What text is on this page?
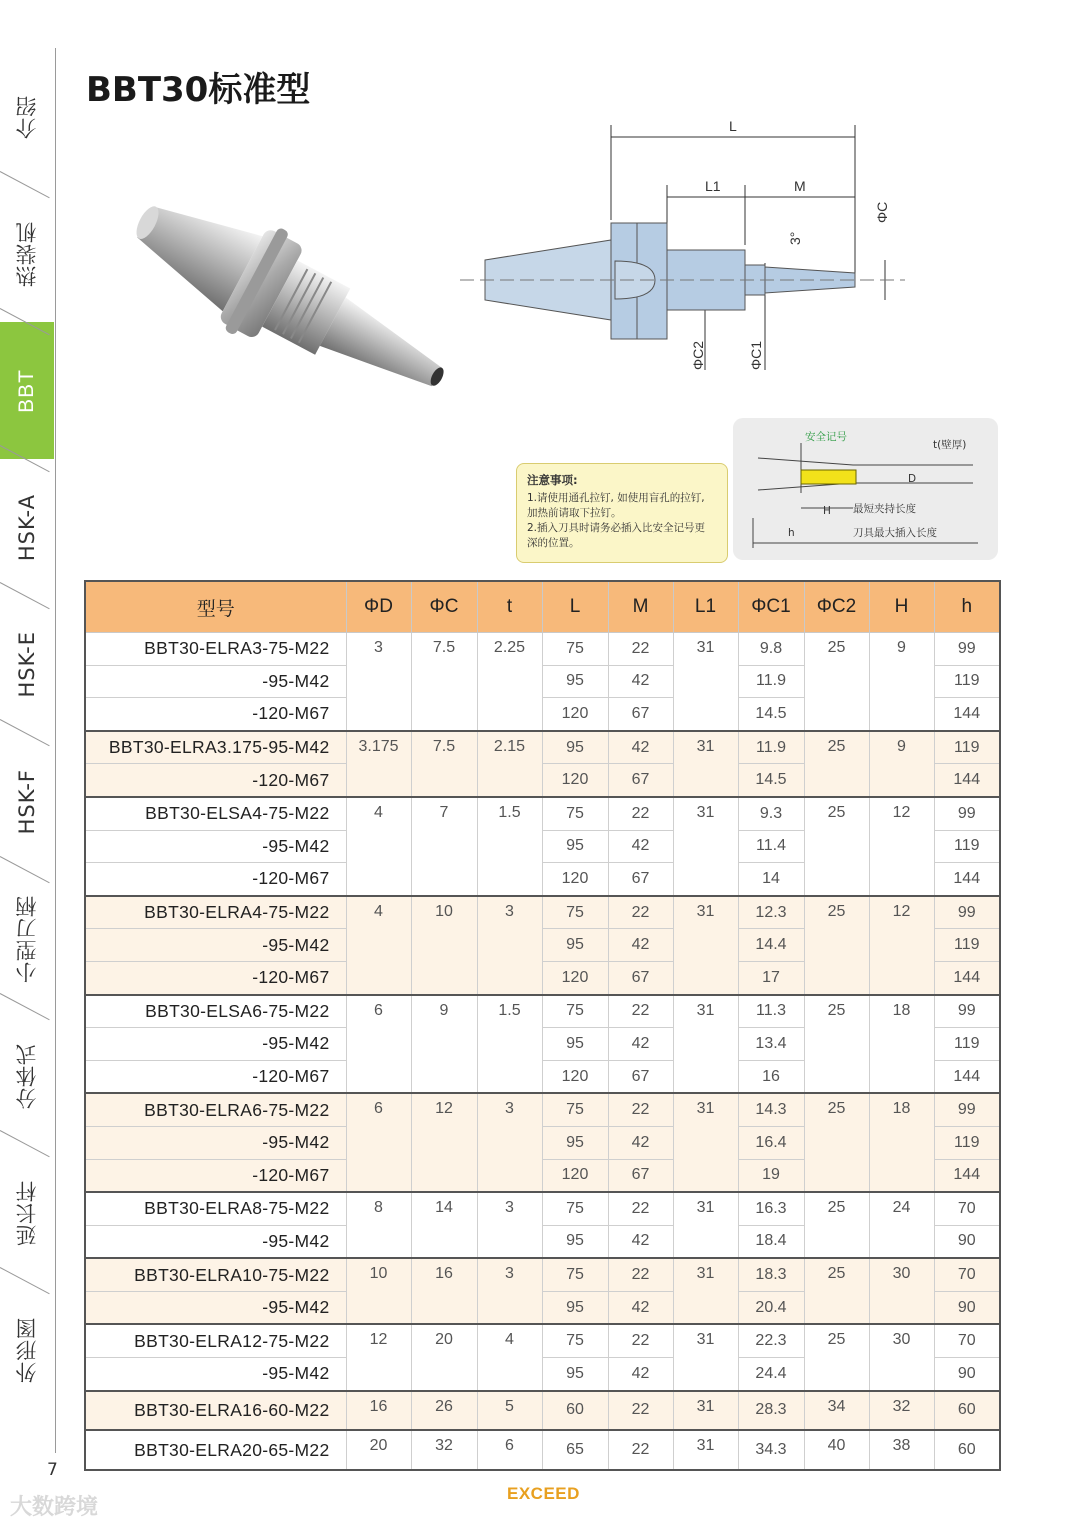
介绍
热装机
BBT
HSK-A
HSK-E
HSK-F
小型刀柄
分体式
延长杆
外形图
BBT30标准型
L
L1	M
3°
ΦC
ΦC1
ΦC2
安全记号
t(壁厚)
D
H
h
最短夹持长度
刀具最大插入长度
注意事项:
1.请使用通孔拉钉, 如使用盲孔的拉钉,
加热前请取下拉钉。
2.插入刀具时请务必插入比安全记号更
深的位置。
型号	ΦD	ΦC	t	L	M	L1	ΦC1	ΦC2	H	h
BBT30-ELRA3-75-M22	3	7.5	2.25	75	22	31	9.8	25	9	99
-95-M42				95	42		11.9			119
-120-M67				120	67		14.5			144
BBT30-ELRA3.175-95-M42	3.175	7.5	2.15	95	42	31	11.9	25	9	119
-120-M67				120	67		14.5			144
BBT30-ELSA4-75-M22	4	7	1.5	75	22	31	9.3	25	12	99
-95-M42				95	42		11.4			119
-120-M67				120	67		14			144
BBT30-ELRA4-75-M22	4	10	3	75	22	31	12.3	25	12	99
-95-M42				95	42		14.4			119
-120-M67				120	67		17			144
BBT30-ELSA6-75-M22	6	9	1.5	75	22	31	11.3	25	18	99
-95-M42				95	42		13.4			119
-120-M67				120	67		16			144
BBT30-ELRA6-75-M22	6	12	3	75	22	31	14.3	25	18	99
-95-M42				95	42		16.4			119
-120-M67				120	67		19			144
BBT30-ELRA8-75-M22	8	14	3	75	22	31	16.3	25	24	70
-95-M42				95	42		18.4			90
BBT30-ELRA10-75-M22	10	16	3	75	22	31	18.3	25	30	70
-95-M42				95	42		20.4			90
BBT30-ELRA12-75-M22	12	20	4	75	22	31	22.3	25	30	70
-95-M42				95	42		24.4			90
BBT30-ELRA16-60-M22	16	26	5	60	22	31	28.3	34	32	60
BBT30-ELRA20-65-M22	20	32	6	65	22	31	34.3	40	38	60
7
EXCEED
大数跨境
